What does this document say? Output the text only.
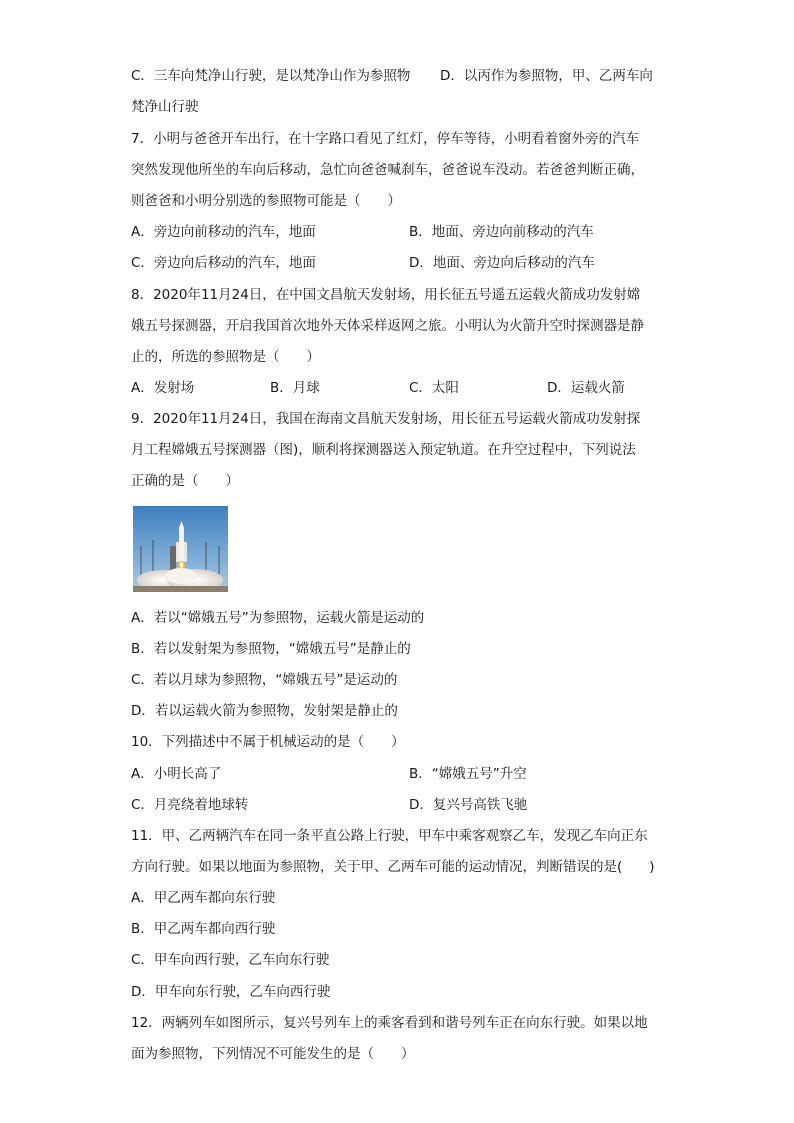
C．三车向梵净山行驶，是以梵净山作为参照物 D．以丙作为参照物，甲、乙两车向
梵净山行驶
7．小明与爸爸开车出行，在十字路口看见了红灯，停车等待，小明看着窗外旁的汽车
突然发现他所坐的车向后移动，急忙向爸爸喊刹车，爸爸说车没动。若爸爸判断正确，
则爸爸和小明分别选的参照物可能是（　　）
A．旁边向前移动的汽车，地面	B．地面、旁边向前移动的汽车
C．旁边向后移动的汽车，地面	D．地面、旁边向后移动的汽车
8．2020年11月24日，在中国文昌航天发射场，用长征五号遥五运载火箭成功发射嫦
娥五号探测器，开启我国首次地外天体采样返网之旅。小明认为火箭升空时探测器是静
止的，所选的参照物是（　　）
A．发射场	B．月球	C．太阳	D．运载火箭
9．2020年11月24日，我国在海南文昌航天发射场，用长征五号运载火箭成功发射探
月工程嫦娥五号探测器（图)，顺利将探测器送入预定轨道。在升空过程中，下列说法
正确的是（　　）
A．若以“嫦娥五号”为参照物，运载火箭是运动的
B．若以发射架为参照物，“嫦娥五号”是静止的
C．若以月球为参照物，“嫦娥五号”是运动的
D．若以运载火箭为参照物，发射架是静止的
10．下列描述中不属于机械运动的是（　　）
A．小明长高了	B．“嫦娥五号”升空
C．月亮绕着地球转	D．复兴号高铁飞驰
11．甲、乙两辆汽车在同一条平直公路上行驶，甲车中乘客观察乙车，发现乙车向正东
方向行驶。如果以地面为参照物，关于甲、乙两车可能的运动情况，判断错误的是(　　)
A．甲乙两车都向东行驶
B．甲乙两车都向西行驶
C．甲车向西行驶，乙车向东行驶
D．甲车向东行驶，乙车向西行驶
12．两辆列车如图所示，复兴号列车上的乘客看到和谐号列车正在向东行驶。如果以地
面为参照物，下列情况不可能发生的是（　　）
